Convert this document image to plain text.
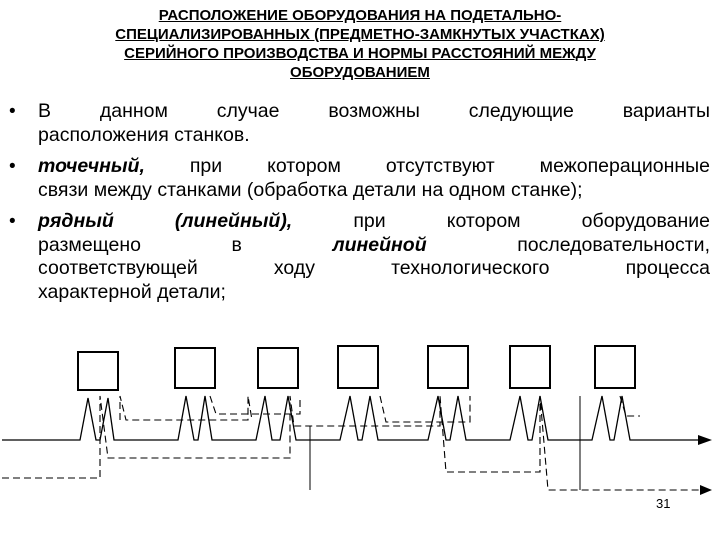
РАСПОЛОЖЕНИЕ ОБОРУДОВАНИЯ НА ПОДЕТАЛЬНО-
СПЕЦИАЛИЗИРОВАННЫХ (ПРЕДМЕТНО-ЗАМКНУТЫХ УЧАСТКАХ)
СЕРИЙНОГО ПРОИЗВОДСТВА И НОРМЫ РАССТОЯНИЙ МЕЖДУ
ОБОРУДОВАНИЕМ
• В данном случае возможны следующие варианты
расположения станков.
• точечный, при котором отсутствуют межоперационные
связи между станками (обработка детали на одном станке);
• рядный (линейный), при котором оборудование
размещено в линейной последовательности,
соответствующей ходу технологического процесса
характерной детали;
31
